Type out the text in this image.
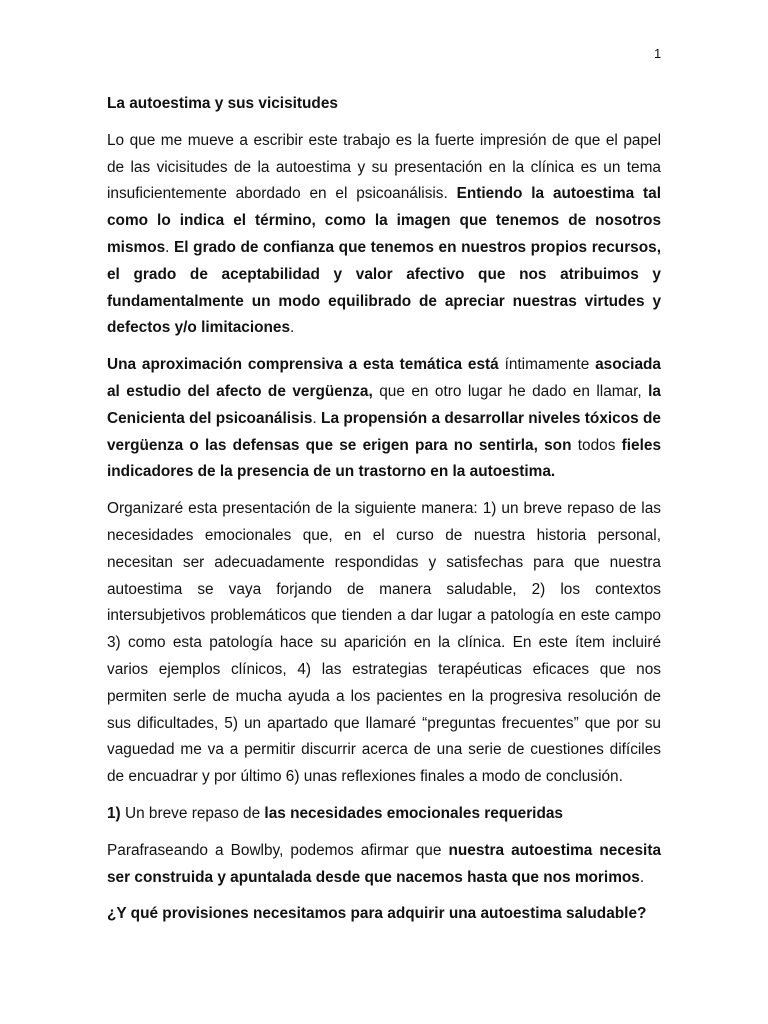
1

La autoestima y sus vicisitudes

Lo que me mueve a escribir este trabajo es la fuerte impresión de que el papel de las vicisitudes de la autoestima y su presentación en la clínica es un tema insuficientemente abordado en el psicoanálisis. Entiendo la autoestima tal como lo indica el término, como la imagen que tenemos de nosotros mismos. El grado de confianza que tenemos en nuestros propios recursos, el grado de aceptabilidad y valor afectivo que nos atribuimos y fundamentalmente un modo equilibrado de apreciar nuestras virtudes y defectos y/o limitaciones.

Una aproximación comprensiva a esta temática está íntimamente asociada al estudio del afecto de vergüenza, que en otro lugar he dado en llamar, la Cenicienta del psicoanálisis. La propensión a desarrollar niveles tóxicos de vergüenza o las defensas que se erigen para no sentirla, son todos fieles indicadores de la presencia de un trastorno en la autoestima.

Organizaré esta presentación de la siguiente manera: 1) un breve repaso de las necesidades emocionales que, en el curso de nuestra historia personal, necesitan ser adecuadamente respondidas y satisfechas para que nuestra autoestima se vaya forjando de manera saludable, 2) los contextos intersubjetivos problemáticos que tienden a dar lugar a patología en este campo 3) como esta patología hace su aparición en la clínica. En este ítem incluiré varios ejemplos clínicos, 4) las estrategias terapéuticas eficaces que nos permiten serle de mucha ayuda a los pacientes en la progresiva resolución de sus dificultades, 5) un apartado que llamaré “preguntas frecuentes” que por su vaguedad me va a permitir discurrir acerca de una serie de cuestiones difíciles de encuadrar y por último 6) unas reflexiones finales a modo de conclusión.

1) Un breve repaso de las necesidades emocionales requeridas

Parafraseando a Bowlby, podemos afirmar que nuestra autoestima necesita ser construida y apuntalada desde que nacemos hasta que nos morimos.

¿Y qué provisiones necesitamos para adquirir una autoestima saludable?
